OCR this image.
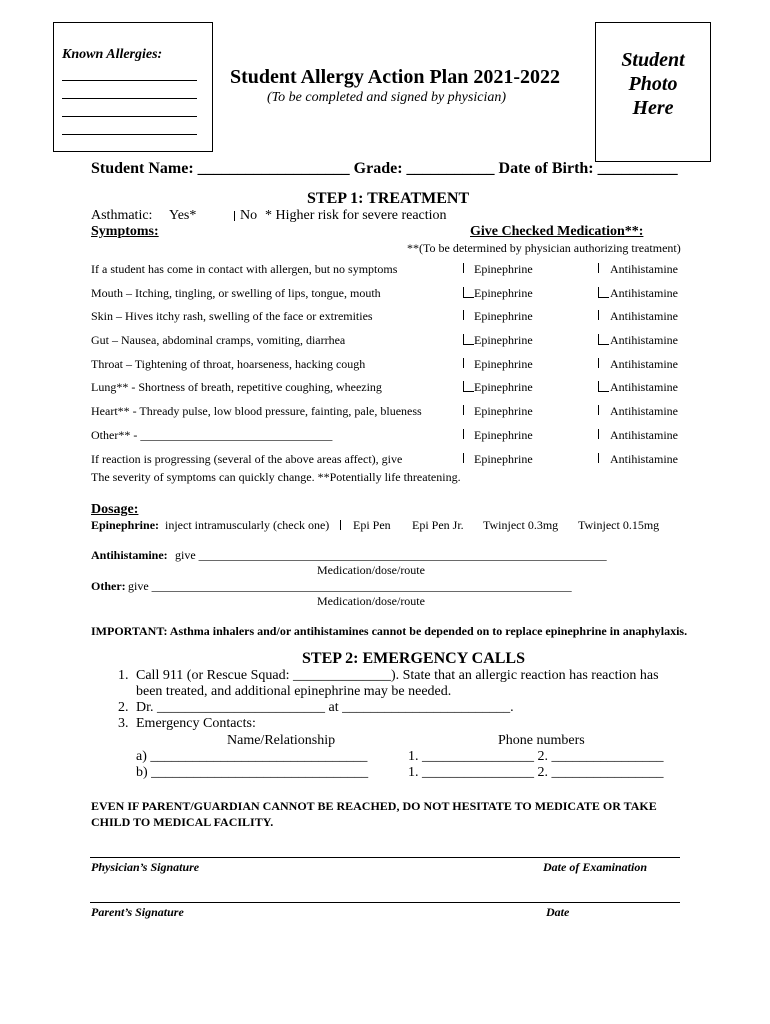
Known Allergies:
Student Allergy Action Plan 2021-2022
(To be completed and signed by physician)
Student
Photo
Here
Student Name: ___________________ Grade: ___________ Date of Birth: __________
STEP 1: TREATMENT
Asthmatic: Yes*	No * Higher risk for severe reaction
Symptoms:	Give Checked Medication**:
**(To be determined by physician authorizing treatment)
If a student has come in contact with allergen, but no symptoms	Epinephrine	Antihistamine
Mouth – Itching, tingling, or swelling of lips, tongue, mouth	Epinephrine	Antihistamine
Skin – Hives itchy rash, swelling of the face or extremities	Epinephrine	Antihistamine
Gut – Nausea, abdominal cramps, vomiting, diarrhea	Epinephrine	Antihistamine
Throat – Tightening of throat, hoarseness, hacking cough	Epinephrine	Antihistamine
Lung** - Shortness of breath, repetitive coughing, wheezing	Epinephrine	Antihistamine
Heart** - Thready pulse, low blood pressure, fainting, pale, blueness	Epinephrine	Antihistamine
Other** - ________________________________	Epinephrine	Antihistamine
If reaction is progressing (several of the above areas affect), give	Epinephrine	Antihistamine
The severity of symptoms can quickly change. **Potentially life threatening.
Dosage:
Epinephrine: inject intramuscularly (check one) Epi Pen Epi Pen Jr. Twinject 0.3mg Twinject 0.15mg
Antihistamine: give ____________________________________________________________________
Medication/dose/route
Other: give ______________________________________________________________________
Medication/dose/route
IMPORTANT: Asthma inhalers and/or antihistamines cannot be depended on to replace epinephrine in anaphylaxis.
STEP 2: EMERGENCY CALLS
1. Call 911 (or Rescue Squad: ______________). State that an allergic reaction has reaction has
been treated, and additional epinephrine may be needed.
2. Dr. ________________________ at ________________________.
3. Emergency Contacts:
Name/Relationship	Phone numbers
a) _______________________________	1. ________________ 2. ________________
b) _______________________________	1. ________________ 2. ________________
EVEN IF PARENT/GUARDIAN CANNOT BE REACHED, DO NOT HESITATE TO MEDICATE OR TAKE
CHILD TO MEDICAL FACILITY.
Physician’s Signature	Date of Examination
Parent’s Signature	Date
